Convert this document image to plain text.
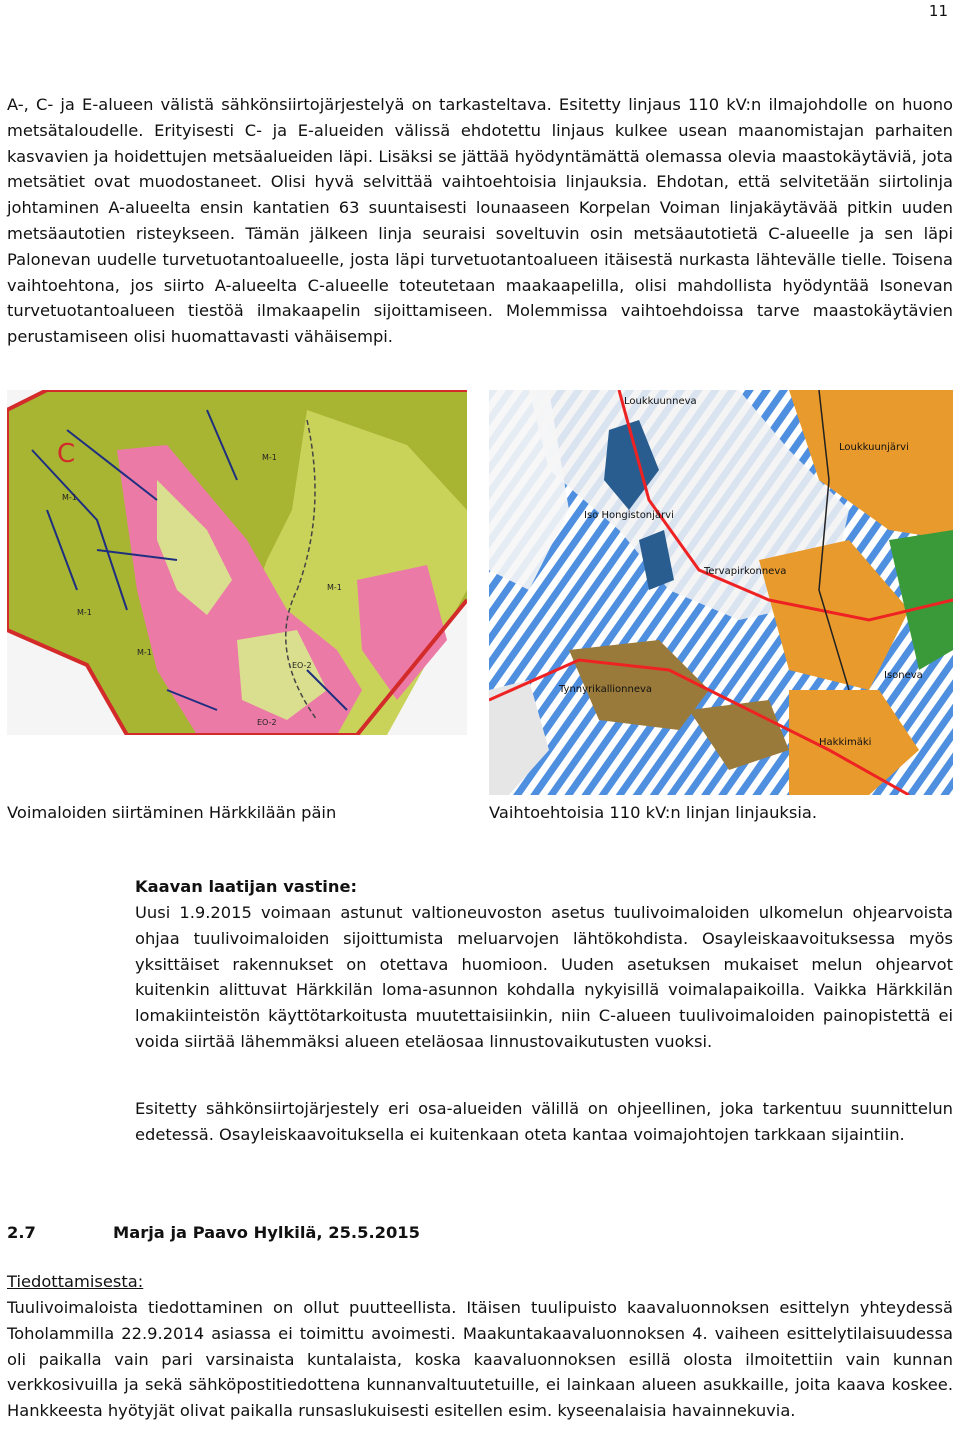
11

A-, C- ja E-alueen välistä sähkönsiirtojärjestelyä on tarkasteltava. Esitetty linjaus 110 kV:n ilmajohdolle on huono metsätaloudelle. Erityisesti C- ja E-alueiden välissä ehdotettu linjaus kulkee usean maanomistajan parhaiten kasvavien ja hoidettujen metsäalueiden läpi. Lisäksi se jättää hyödyntämättä olemassa olevia maastokäytäviä, jota metsätiet ovat muodostaneet. Olisi hyvä selvittää vaihtoehtoisia linjauksia. Ehdotan, että selvitetään siirtolinja johtaminen A-alueelta ensin kantatien 63 suuntaisesti lounaaseen Korpelan Voiman linjakäytävää pitkin uuden metsäautotien risteykseen. Tämän jälkeen linja seuraisi soveltuvin osin metsäautotietä C-alueelle ja sen läpi Palonevan uudelle turvetuotantoalueelle, josta läpi turvetuotantoalueen itäisestä nurkasta lähtevälle tielle. Toisena vaihtoehtona, jos siirto A-alueelta C-alueelle toteutetaan maakaapelilla, olisi mahdollista hyödyntää Isonevan turvetuotantoalueen tiestöä ilmakaapelin sijoittamiseen. Molemmissa vaihtoehdoissa tarve maastokäytävien perustamiseen olisi huomattavasti vähäisempi.

C
M-1
M-1
M-1
M-1
M-1
EO-2
EO-2
Loukkuunneva
Loukkuunjärvi
Iso Hongistonjärvi
Tervapirkonneva
Tynnyrikallionneva
Isoneva
Hakkimäki
Voimaloiden siirtäminen Härkkilään päin	Vaihtoehtoisia 110 kV:n linjan linjauksia.
Kaavan laatijan vastine:

Uusi 1.9.2015 voimaan astunut valtioneuvoston asetus tuulivoimaloiden ulkomelun ohjearvoista ohjaa tuulivoimaloiden sijoittumista meluarvojen lähtökohdista. Osayleiskaavoituksessa myös yksittäiset rakennukset on otettava huomioon. Uuden asetuksen mukaiset melun ohjearvot kuitenkin alittuvat Härkkilän loma-asunnon kohdalla nykyisillä voimalapaikoilla. Vaikka Härkkilän lomakiinteistön käyttötarkoitusta muutettaisiinkin, niin C-alueen tuulivoimaloiden painopistettä ei voida siirtää lähemmäksi alueen eteläosaa linnustovaikutusten vuoksi.

Esitetty sähkönsiirtojärjestely eri osa-alueiden välillä on ohjeellinen, joka tarkentuu suunnittelun edetessä. Osayleiskaavoituksella ei kuitenkaan oteta kantaa voimajohtojen tarkkaan sijaintiin.

2.7	Marja ja Paavo Hylkilä, 25.5.2015
Tiedottamisesta:

Tuulivoimaloista tiedottaminen on ollut puutteellista. Itäisen tuulipuisto kaavaluonnoksen esittelyn yhteydessä Toholammilla 22.9.2014 asiassa ei toimittu avoimesti. Maakuntakaavaluonnoksen 4. vaiheen esittelytilaisuudessa oli paikalla vain pari varsinaista kuntalaista, koska kaavaluonnoksen esillä olosta ilmoitettiin vain kunnan verkkosivuilla ja sekä sähköpostitiedottena kunnanvaltuutetuille, ei lainkaan alueen asukkaille, joita kaava koskee. Hankkeesta hyötyjät olivat paikalla runsaslukuisesti esitellen esim. kyseenalaisia havainnekuvia.
